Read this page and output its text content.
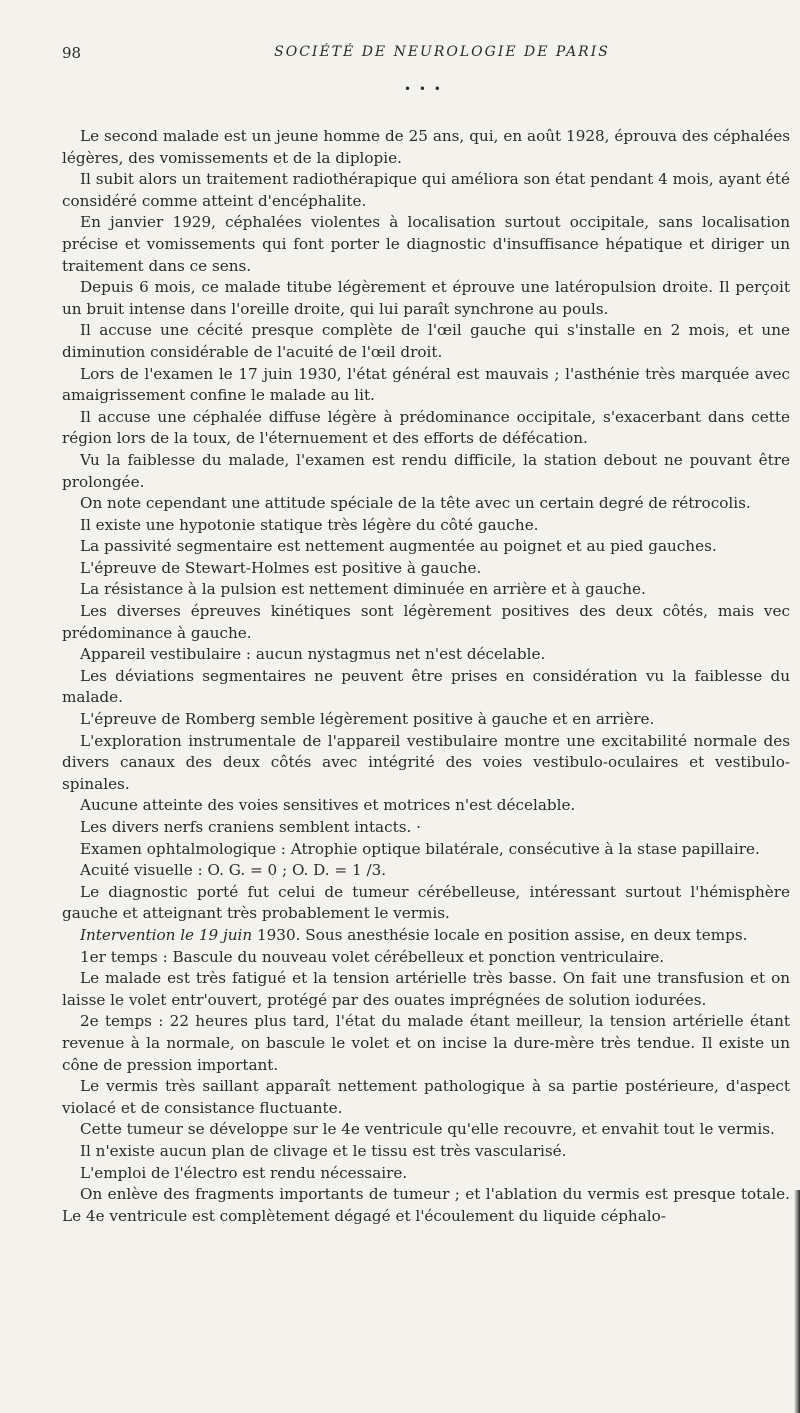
98	SOCIÉTÉ DE NEUROLOGIE DE PARIS
• • •

Le second malade est un jeune homme de 25 ans, qui, en août 1928, éprouva des céphalées légères, des vomissements et de la diplopie.

Il subit alors un traitement radiothérapique qui améliora son état pendant 4 mois, ayant été considéré comme atteint d'encéphalite.

En janvier 1929, céphalées violentes à localisation surtout occipitale, sans localisation précise et vomissements qui font porter le diagnostic d'insuffisance hépatique et diriger un traitement dans ce sens.

Depuis 6 mois, ce malade titube légèrement et éprouve une latéropulsion droite. Il perçoit un bruit intense dans l'oreille droite, qui lui paraît synchrone au pouls.

Il accuse une cécité presque complète de l'œil gauche qui s'installe en 2 mois, et une diminution considérable de l'acuité de l'œil droit.

Lors de l'examen le 17 juin 1930, l'état général est mauvais ; l'asthénie très marquée avec amaigrissement confine le malade au lit.

Il accuse une céphalée diffuse légère à prédominance occipitale, s'exacerbant dans cette région lors de la toux, de l'éternuement et des efforts de défécation.

Vu la faiblesse du malade, l'examen est rendu difficile, la station debout ne pouvant être prolongée.

On note cependant une attitude spéciale de la tête avec un certain degré de rétrocolis.

Il existe une hypotonie statique très légère du côté gauche.

La passivité segmentaire est nettement augmentée au poignet et au pied gauches.

L'épreuve de Stewart-Holmes est positive à gauche.

La résistance à la pulsion est nettement diminuée en arrière et à gauche.

Les diverses épreuves kinétiques sont légèrement positives des deux côtés, mais vec prédominance à gauche.

Appareil vestibulaire : aucun nystagmus net n'est décelable.

Les déviations segmentaires ne peuvent être prises en considération vu la faiblesse du malade.

L'épreuve de Romberg semble légèrement positive à gauche et en arrière.

L'exploration instrumentale de l'appareil vestibulaire montre une excitabilité normale des divers canaux des deux côtés avec intégrité des voies vestibulo-oculaires et vestibulo-spinales.

Aucune atteinte des voies sensitives et motrices n'est décelable.

Les divers nerfs craniens semblent intacts. ·

Examen ophtalmologique : Atrophie optique bilatérale, consécutive à la stase papillaire.

Acuité visuelle : O. G. = 0 ; O. D. = 1 /3.

Le diagnostic porté fut celui de tumeur cérébelleuse, intéressant surtout l'hémisphère gauche et atteignant très probablement le vermis.

Intervention le 19 juin 1930. Sous anesthésie locale en position assise, en deux temps.

1er temps : Bascule du nouveau volet cérébelleux et ponction ventriculaire.

Le malade est très fatigué et la tension artérielle très basse. On fait une transfusion et on laisse le volet entr'ouvert, protégé par des ouates imprégnées de solution iodurées.

2e temps : 22 heures plus tard, l'état du malade étant meilleur, la tension artérielle étant revenue à la normale, on bascule le volet et on incise la dure-mère très tendue. Il existe un cône de pression important.

Le vermis très saillant apparaît nettement pathologique à sa partie postérieure, d'aspect violacé et de consistance fluctuante.

Cette tumeur se développe sur le 4e ventricule qu'elle recouvre, et envahit tout le vermis.

Il n'existe aucun plan de clivage et le tissu est très vascularisé.

L'emploi de l'électro est rendu nécessaire.

On enlève des fragments importants de tumeur ; et l'ablation du vermis est presque totale. Le 4e ventricule est complètement dégagé et l'écoulement du liquide céphalo-
